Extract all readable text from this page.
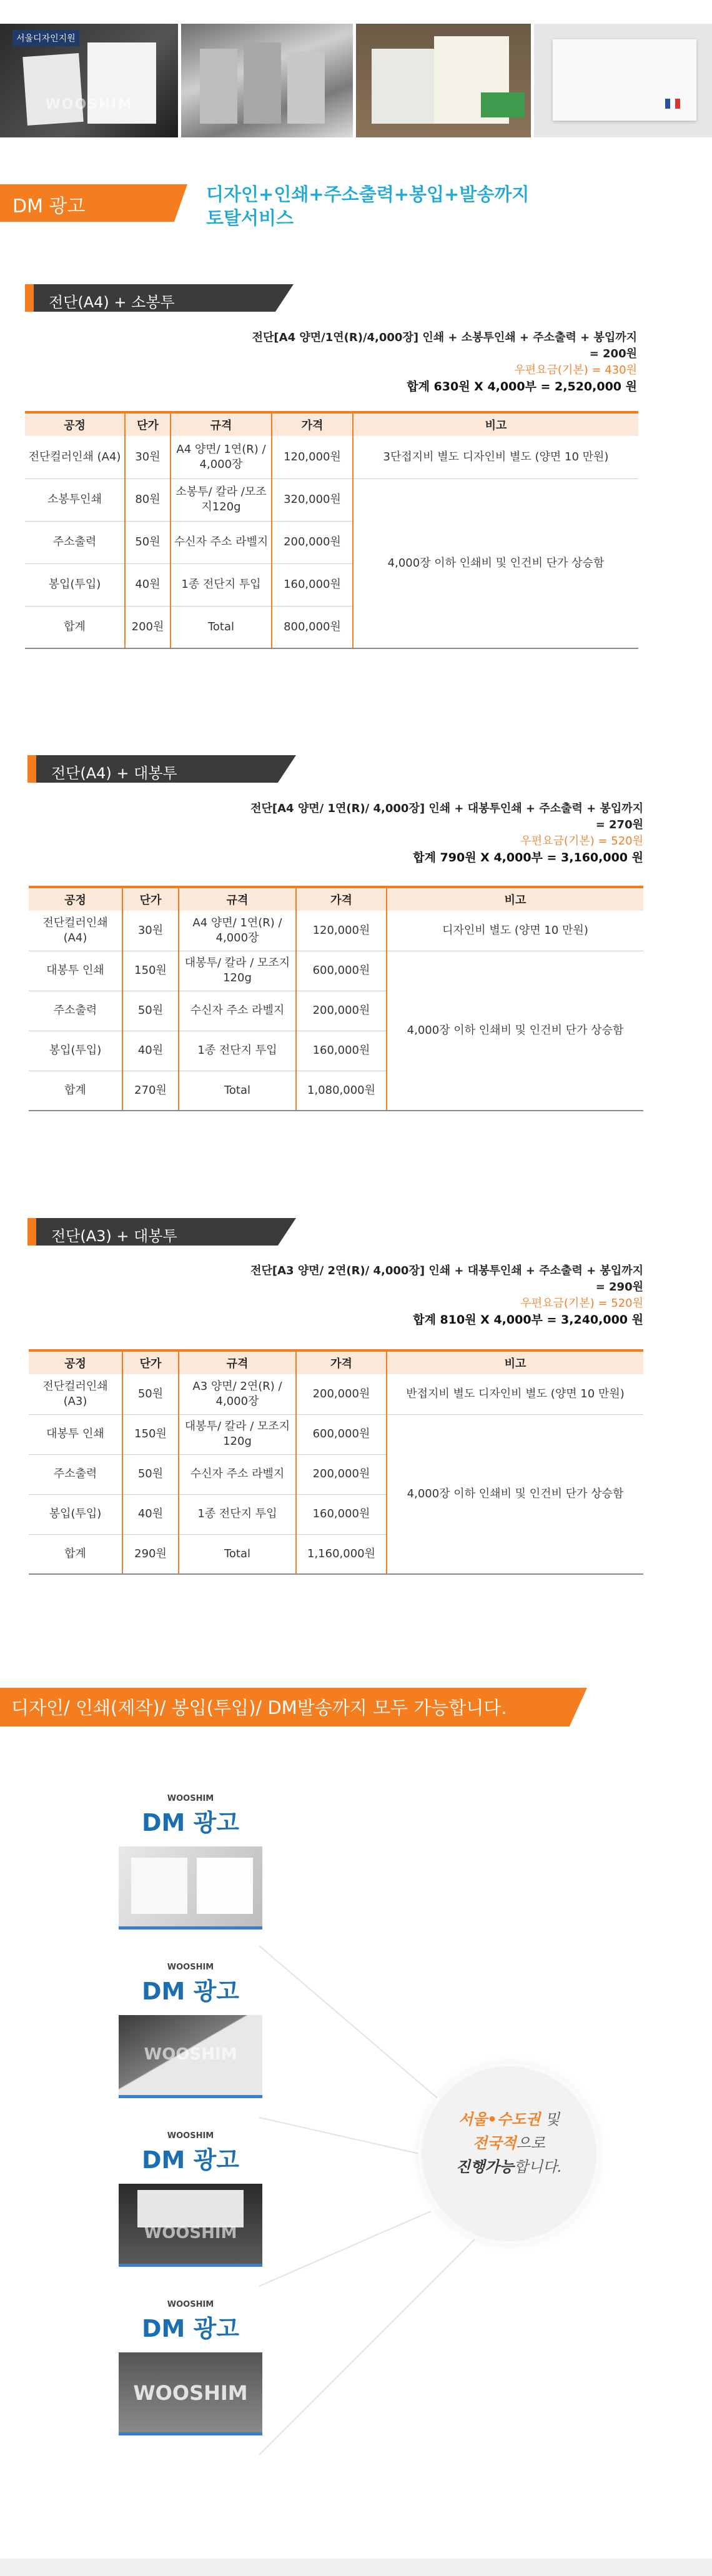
서울디자인지원
WOOSHIM
DM 광고
디자인+인쇄+주소출력+봉입+발송까지
토탈서비스
전단(A4) + 소봉투
전단[A4 양면/1연(R)/4,000장] 인쇄 + 소봉투인쇄 + 주소출력 + 봉입까지
= 200원
우편요금(기본) = 430원
합계 630원 X 4,000부 = 2,520,000 원
공정	단가	규격	가격	비고
전단컬러인쇄 (A4)	30원	A4 양면/ 1연(R) / 4,000장	120,000원	3단접지비 별도 디자인비 별도 (양면 10 만원)
소봉투인쇄	80원	소봉투/ 칼라 /모조지120g	320,000원	4,000장 이하 인쇄비 및 인건비 단가 상승함
주소출력	50원	수신자 주소 라벨지	200,000원	
봉입(투입)	40원	1종 전단지 투입	160,000원	
합계	200원	Total	800,000원	
전단(A4) + 대봉투
전단[A4 양면/ 1연(R)/ 4,000장] 인쇄 + 대봉투인쇄 + 주소출력 + 봉입까지
= 270원
우편요금(기본) = 520원
합계 790원 X 4,000부 = 3,160,000 원
공정	단가	규격	가격	비고
전단컬러인쇄 (A4)	30원	A4 양면/ 1연(R) / 4,000장	120,000원	디자인비 별도 (양면 10 만원)
대봉투 인쇄	150원	대봉투/ 칼라 / 모조지 120g	600,000원	4,000장 이하 인쇄비 및 인건비 단가 상승함
주소출력	50원	수신자 주소 라벨지	200,000원	
봉입(투입)	40원	1종 전단지 투입	160,000원	
합계	270원	Total	1,080,000원	
전단(A3) + 대봉투
전단[A3 양면/ 2연(R)/ 4,000장] 인쇄 + 대봉투인쇄 + 주소출력 + 봉입까지
= 290원
우편요금(기본) = 520원
합계 810원 X 4,000부 = 3,240,000 원
공정	단가	규격	가격	비고
전단컬러인쇄 (A3)	50원	A3 양면/ 2연(R) / 4,000장	200,000원	반접지비 별도 디자인비 별도 (양면 10 만원)
대봉투 인쇄	150원	대봉투/ 칼라 / 모조지 120g	600,000원	4,000장 이하 인쇄비 및 인건비 단가 상승함
주소출력	50원	수신자 주소 라벨지	200,000원	
봉입(투입)	40원	1종 전단지 투입	160,000원	
합계	290원	Total	1,160,000원	
디자인/ 인쇄(제작)/ 봉입(투입)/ DM발송까지 모두 가능합니다.
WOOSHIM
DM 광고

WOOSHIM
DM 광고
WOOSHIM
WOOSHIM
DM 광고
WOOSHIM
WOOSHIM
DM 광고
WOOSHIM
서울•수도권 및
전국적으로
진행가능합니다.
